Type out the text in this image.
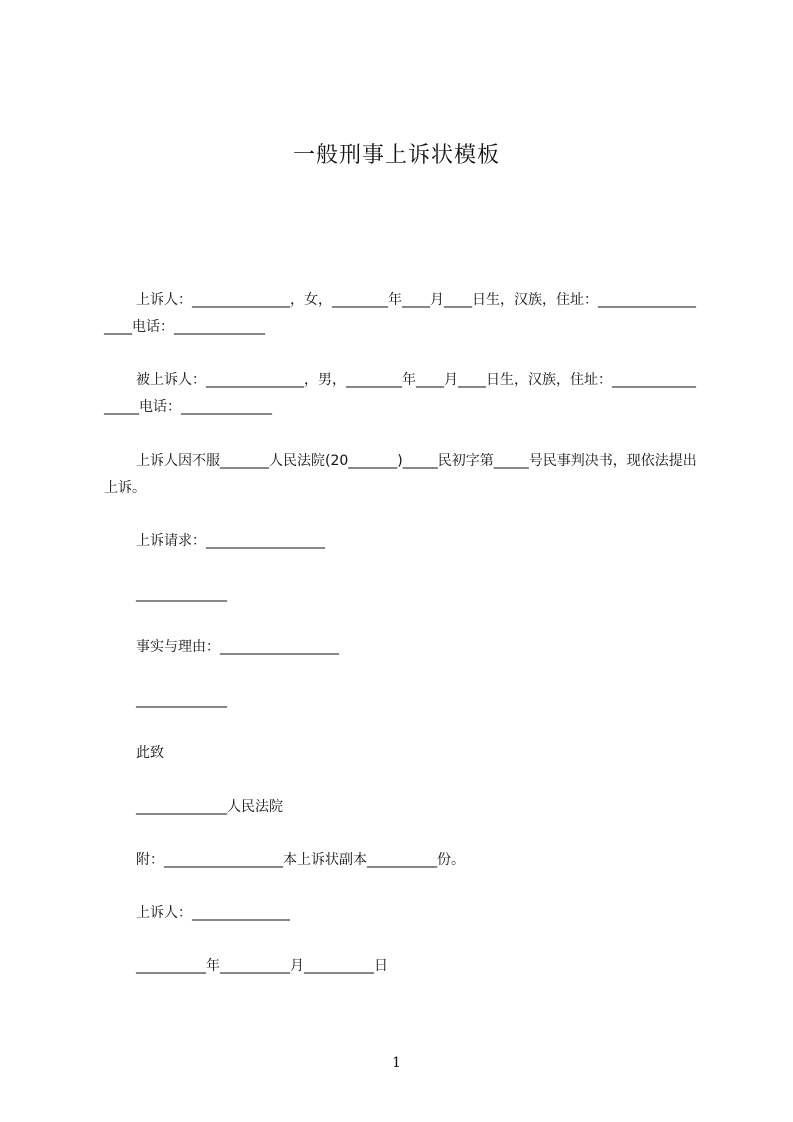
一般刑事上诉状模板

上诉人：______________，女，________年____月____日生，汉族，住址：__________________电话：_____________

被上诉人：______________，男，________年____月____日生，汉族，住址：_________________电话：_____________

上诉人因不服_______人民法院(20_______)_____民初字第_____号民事判决书，现依法提出上诉。

上诉请求：_________________
_____________
事实与理由：_________________
_____________
此致
_____________人民法院
附：_________________本上诉状副本__________份。
上诉人：______________
__________年__________月__________日
1
